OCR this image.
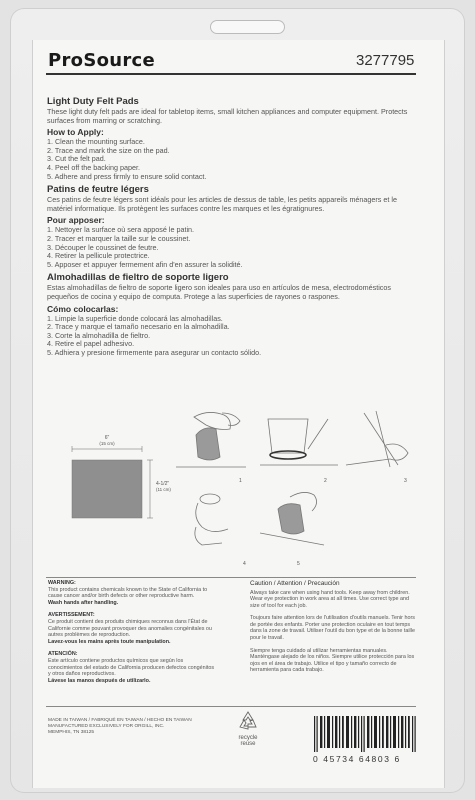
ProSource	3277795
Light Duty Felt Pads

These light duty felt pads are ideal for tabletop items, small kitchen appliances and computer equipment. Protects surfaces from marring or scratching.

How to Apply:
1. Clean the mounting surface.
2. Trace and mark the size on the pad.
3. Cut the felt pad.
4. Peel off the backing paper.
5. Adhere and press firmly to ensure solid contact.
Patins de feutre légers

Ces patins de feutre légers sont idéals pour les articles de dessus de table, les petits appareils ménagers et le matériel informatique. Ils protègent les surfaces contre les marques et les égratignures.

Pour apposer:
1. Nettoyer la surface où sera apposé le patin.
2. Tracer et marquer la taille sur le coussinet.
3. Découper le coussinet de feutre.
4. Retirer la pellicule protectrice.
5. Apposer et appuyer fermement afin d'en assurer la solidité.
Almohadillas de fieltro de soporte ligero

Estas almohadillas de fieltro de soporte ligero son ideales para uso en artículos de mesa, electrodomésticos pequeños de cocina y equipo de computa. Protege a las superficies de rayones o raspones.

Cómo colocarlas:
1. Limpie la superficie donde colocará las almohadillas.
2. Trace y marque el tamaño necesario en la almohadilla.
3. Corte la almohadilla de fieltro.
4. Retire el papel adhesivo.
5. Adhiera y presione firmemente para asegurar un contacto sólido.
6"
(15 cm)
4-1/2"
(11 cm)
1	2	3
4	5

WARNING:
This product contains chemicals known to the State of California to cause cancer and/or birth defects or other reproductive harm.
Wash hands after handling.

AVERTISSEMENT:
Ce produit contient des produits chimiques reconnus dans l'État de Californie comme pouvant provoquer des anomalies congénitales ou autres problèmes de reproduction.
Lavez-vous les mains après toute manipulation.

ATENCIÓN:
Este artículo contiene productos químicos que según los conocimientos del estado de California producen defectos congénitos y otros daños reproductivos.
Lávese las manos después de utilizarlo.

Caution / Attention / Precaución

Always take care when using hand tools. Keep away from children. Wear eye protection in work area at all times. Use correct type and size of tool for each job.

Toujours faire attention lors de l'utilisation d'outils manuels. Tenir hors de portée des enfants. Porter une protection oculaire en tout temps dans la zone de travail. Utiliser l'outil du bon type et de la bonne taille pour le travail.

Siempre tenga cuidado al utilizar herramientas manuales. Manténgase alejado de los niños. Siempre utilice protección para los ojos en el área de trabajo. Utilice el tipo y tamaño correcto de herramienta para cada trabajo.

MADE IN TAIWAN / FABRIQUÉ EN TAIWAN / HECHO EN TAIWAN
MANUFACTURED EXCLUSIVELY FOR ORGILL, INC.
MEMPHIS, TN 38125
recycle
reuse
0 45734 64803 6
